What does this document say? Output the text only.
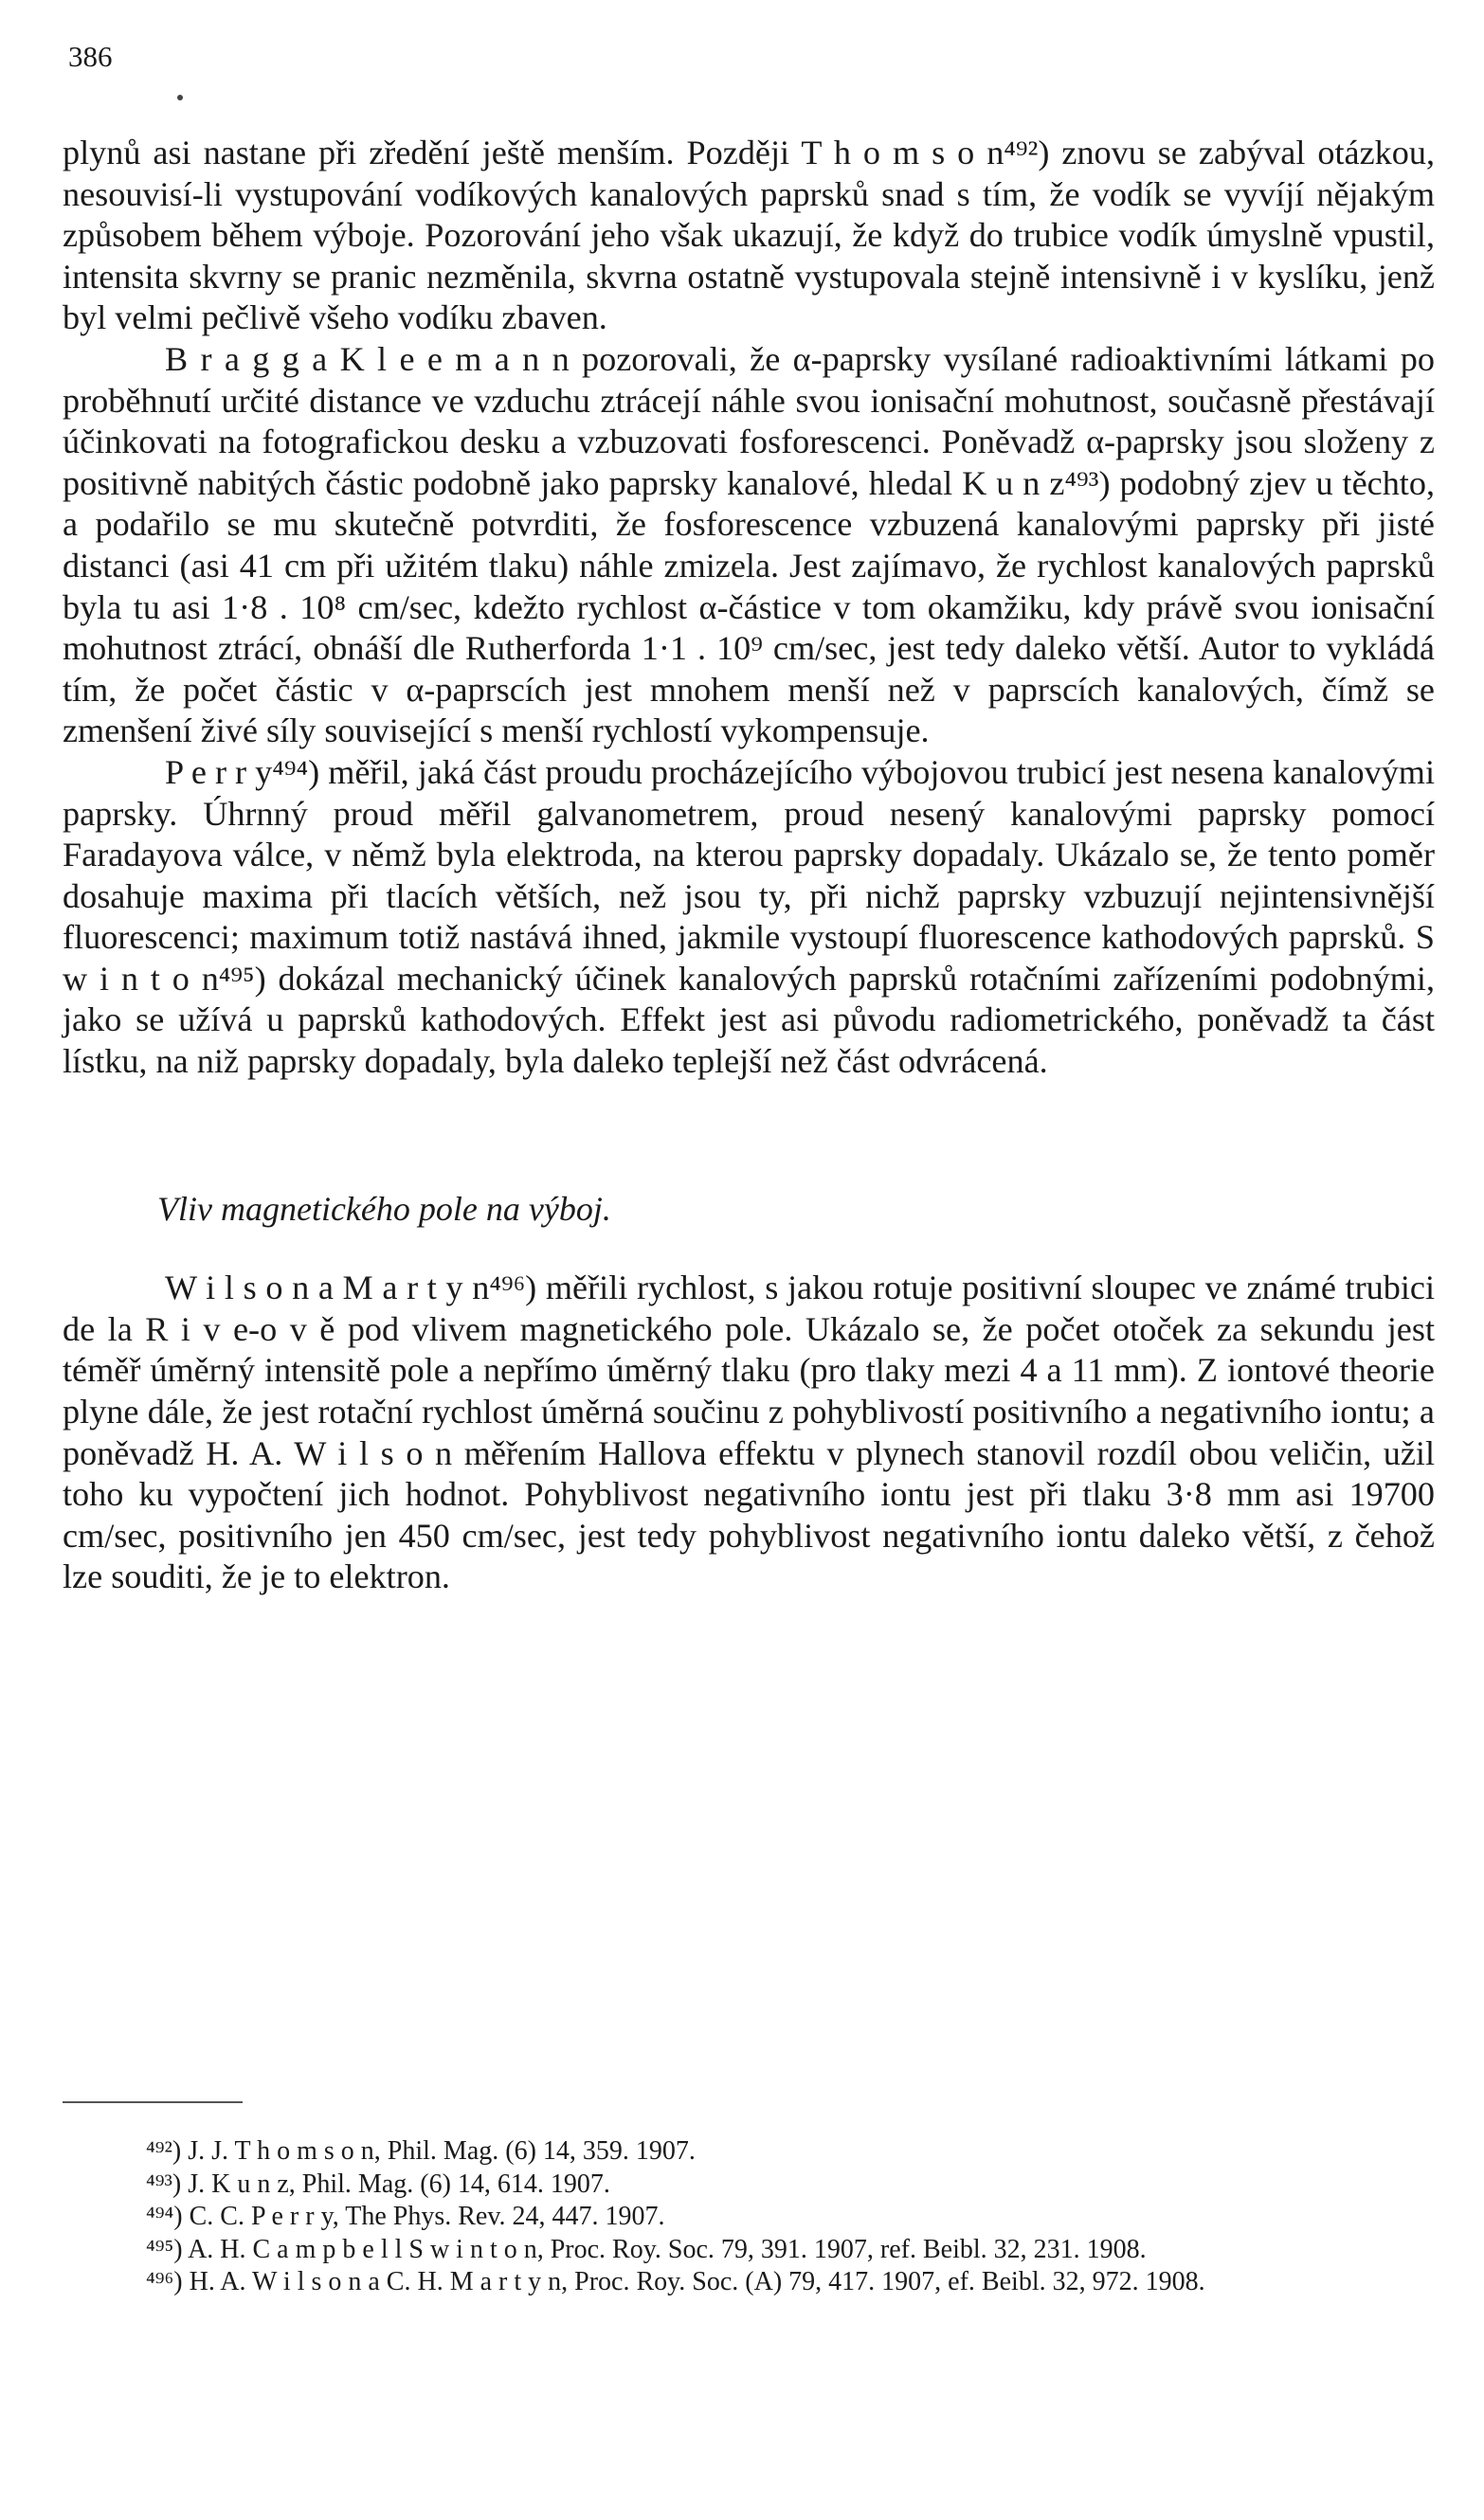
386

plynů asi nastane při zředění ještě menším. Později T h o m s o n⁴⁹²) znovu se zabýval otázkou, nesouvisí-li vystupování vodíkových kanalových paprsků snad s tím, že vodík se vyvíjí nějakým způsobem během výboje. Pozorování jeho však ukazují, že když do trubice vodík úmyslně vpustil, intensita skvrny se pranic nezměnila, skvrna ostatně vystupovala stejně intensivně i v kyslíku, jenž byl velmi pečlivě všeho vodíku zbaven.

B r a g g a K l e e m a n n pozorovali, že α-paprsky vysílané radioaktivními látkami po proběhnutí určité distance ve vzduchu ztrácejí náhle svou ionisační mohutnost, současně přestávají účinkovati na fotografickou desku a vzbuzovati fosforescenci. Poněvadž α-paprsky jsou složeny z positivně nabitých částic podobně jako paprsky kanalové, hledal K u n z⁴⁹³) podobný zjev u těchto, a podařilo se mu skutečně potvrditi, že fosforescence vzbuzená kanalovými paprsky při jisté distanci (asi 41 cm při užitém tlaku) náhle zmizela. Jest zajímavo, že rychlost kanalových paprsků byla tu asi 1·8 . 10⁸ cm/sec, kdežto rychlost α-částice v tom okamžiku, kdy právě svou ionisační mohutnost ztrácí, obnáší dle Rutherforda 1·1 . 10⁹ cm/sec, jest tedy daleko větší. Autor to vykládá tím, že počet částic v α-paprscích jest mnohem menší než v paprscích kanalových, čímž se zmenšení živé síly související s menší rychlostí vykompensuje.

P e r r y⁴⁹⁴) měřil, jaká část proudu procházejícího výbojovou trubicí jest nesena kanalovými paprsky. Úhrnný proud měřil galvanometrem, proud nesený kanalovými paprsky pomocí Faradayova válce, v němž byla elektroda, na kterou paprsky dopadaly. Ukázalo se, že tento poměr dosahuje maxima při tlacích větších, než jsou ty, při nichž paprsky vzbuzují nejintensivnější fluorescenci; maximum totiž nastává ihned, jakmile vystoupí fluorescence kathodových paprsků. S w i n t o n⁴⁹⁵) dokázal mechanický účinek kanalových paprsků rotačními zařízeními podobnými, jako se užívá u paprsků kathodových. Effekt jest asi původu radiometrického, poněvadž ta část lístku, na niž paprsky dopadaly, byla daleko teplejší než část odvrácená.

Vliv magnetického pole na výboj.

W i l s o n a M a r t y n⁴⁹⁶) měřili rychlost, s jakou rotuje positivní sloupec ve známé trubici de la R i v e-o v ě pod vlivem magnetického pole. Ukázalo se, že počet otoček za sekundu jest téměř úměrný intensitě pole a nepřímo úměrný tlaku (pro tlaky mezi 4 a 11 mm). Z iontové theorie plyne dále, že jest rotační rychlost úměrná součinu z pohyblivostí positivního a negativního iontu; a poněvadž H. A. W i l s o n měřením Hallova effektu v plynech stanovil rozdíl obou veličin, užil toho ku vypočtení jich hodnot. Pohyblivost negativního iontu jest při tlaku 3·8 mm asi 19700 cm/sec, positivního jen 450 cm/sec, jest tedy pohyblivost negativního iontu daleko větší, z čehož lze souditi, že je to elektron.

⁴⁹²) J. J. T h o m s o n, Phil. Mag. (6) 14, 359. 1907.

⁴⁹³) J. K u n z, Phil. Mag. (6) 14, 614. 1907.

⁴⁹⁴) C. C. P e r r y, The Phys. Rev. 24, 447. 1907.

⁴⁹⁵) A. H. C a m p b e l l S w i n t o n, Proc. Roy. Soc. 79, 391. 1907, ref. Beibl. 32, 231. 1908.

⁴⁹⁶) H. A. W i l s o n a C. H. M a r t y n, Proc. Roy. Soc. (A) 79, 417. 1907, ef. Beibl. 32, 972. 1908.
